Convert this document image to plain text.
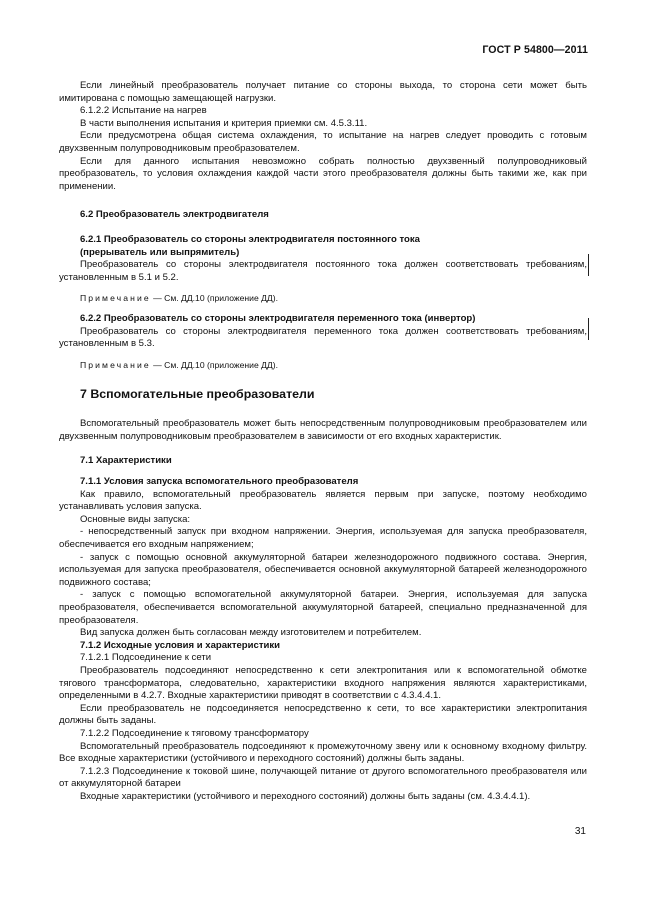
ГОСТ Р 54800—2011

Если линейный преобразователь получает питание со стороны выхода, то сторона сети может быть имитирована с помощью замещающей нагрузки.

6.1.2.2 Испытание на нагрев

В части выполнения испытания и критерия приемки см. 4.5.3.11.

Если предусмотрена общая система охлаждения, то испытание на нагрев следует проводить с готовым двухзвенным полупроводниковым преобразователем.

Если для данного испытания невозможно собрать полностью двухзвенный полупроводниковый преобразователь, то условия охлаждения каждой части этого преобразователя должны быть такими же, как при применении.

6.2 Преобразователь электродвигателя

6.2.1 Преобразователь со стороны электродвигателя постоянного тока

(прерыватель или выпрямитель)

Преобразователь со стороны электродвигателя постоянного тока должен соответствовать требованиям, установленным в 5.1 и 5.2.

Примечание — См. ДД.10 (приложение ДД).

6.2.2 Преобразователь со стороны электродвигателя переменного тока (инвертор)

Преобразователь со стороны электродвигателя переменного тока должен соответствовать требованиям, установленным в 5.3.

Примечание — См. ДД.10 (приложение ДД).

7 Вспомогательные преобразователи

Вспомогательный преобразователь может быть непосредственным полупроводниковым преобразователем или двухзвенным полупроводниковым преобразователем в зависимости от его входных характеристик.

7.1 Характеристики

7.1.1 Условия запуска вспомогательного преобразователя

Как правило, вспомогательный преобразователь является первым при запуске, поэтому необходимо устанавливать условия запуска.

Основные виды запуска:

- непосредственный запуск при входном напряжении. Энергия, используемая для запуска преобразователя, обеспечивается его входным напряжением;

- запуск с помощью основной аккумуляторной батареи железнодорожного подвижного состава. Энергия, используемая для запуска преобразователя, обеспечивается основной аккумуляторной батареей железнодорожного подвижного состава;

- запуск с помощью вспомогательной аккумуляторной батареи. Энергия, используемая для запуска преобразователя, обеспечивается вспомогательной аккумуляторной батареей, специально предназначенной для преобразователя.

Вид запуска должен быть согласован между изготовителем и потребителем.

7.1.2 Исходные условия и характеристики

7.1.2.1 Подсоединение к сети

Преобразователь подсоединяют непосредственно к сети электропитания или к вспомогательной обмотке тягового трансформатора, следовательно, характеристики входного напряжения являются характеристиками, определенными в 4.2.7. Входные характеристики приводят в соответствии с 4.3.4.4.1.

Если преобразователь не подсоединяется непосредственно к сети, то все характеристики электропитания должны быть заданы.

7.1.2.2 Подсоединение к тяговому трансформатору

Вспомогательный преобразователь подсоединяют к промежуточному звену или к основному входному фильтру. Все входные характеристики (устойчивого и переходного состояний) должны быть заданы.

7.1.2.3 Подсоединение к токовой шине, получающей питание от другого вспомогательного преобразователя или от аккумуляторной батареи

Входные характеристики (устойчивого и переходного состояний) должны быть заданы (см. 4.3.4.4.1).

31
